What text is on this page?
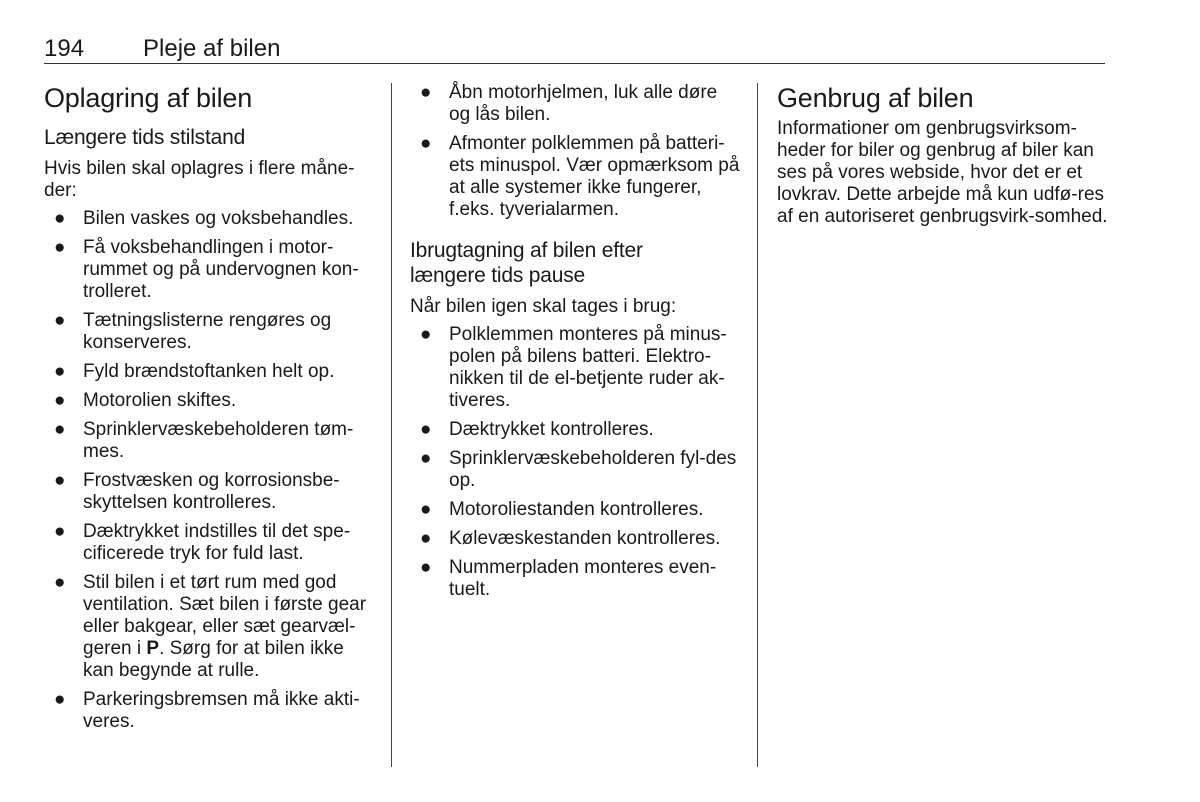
194 Pleje af bilen
Oplagring af bilen
Længere tids stilstand

Hvis bilen skal oplagres i flere måne-der:

● Bilen vaskes og voksbehandles.
● Få voksbehandlingen i motor-rummet og på undervognen kon-trolleret.
● Tætningslisterne rengøres og konserveres.
● Fyld brændstoftanken helt op.
● Motorolien skiftes.
● Sprinklervæskebeholderen tøm-mes.
● Frostvæsken og korrosionsbe-skyttelsen kontrolleres.
● Dæktrykket indstilles til det spe-cificerede tryk for fuld last.
● Stil bilen i et tørt rum med god ventilation. Sæt bilen i første gear eller bakgear, eller sæt gearvæl-geren i P. Sørg for at bilen ikke kan begynde at rulle.
● Parkeringsbremsen må ikke akti-veres.
● Åbn motorhjelmen, luk alle døre og lås bilen.
● Afmonter polklemmen på batteri-ets minuspol. Vær opmærksom på at alle systemer ikke fungerer, f.eks. tyverialarmen.
Ibrugtagning af bilen efter
længere tids pause

Når bilen igen skal tages i brug:

● Polklemmen monteres på minus-polen på bilens batteri. Elektro-nikken til de el-betjente ruder ak-tiveres.
● Dæktrykket kontrolleres.
● Sprinklervæskebeholderen fyl-des op.
● Motoroliestanden kontrolleres.
● Kølevæskestanden kontrolleres.
● Nummerpladen monteres even-tuelt.
Genbrug af bilen

Informationer om genbrugsvirksom-heder for biler og genbrug af biler kan ses på vores webside, hvor det er et lovkrav. Dette arbejde må kun udfø-res af en autoriseret genbrugsvirk-somhed.
